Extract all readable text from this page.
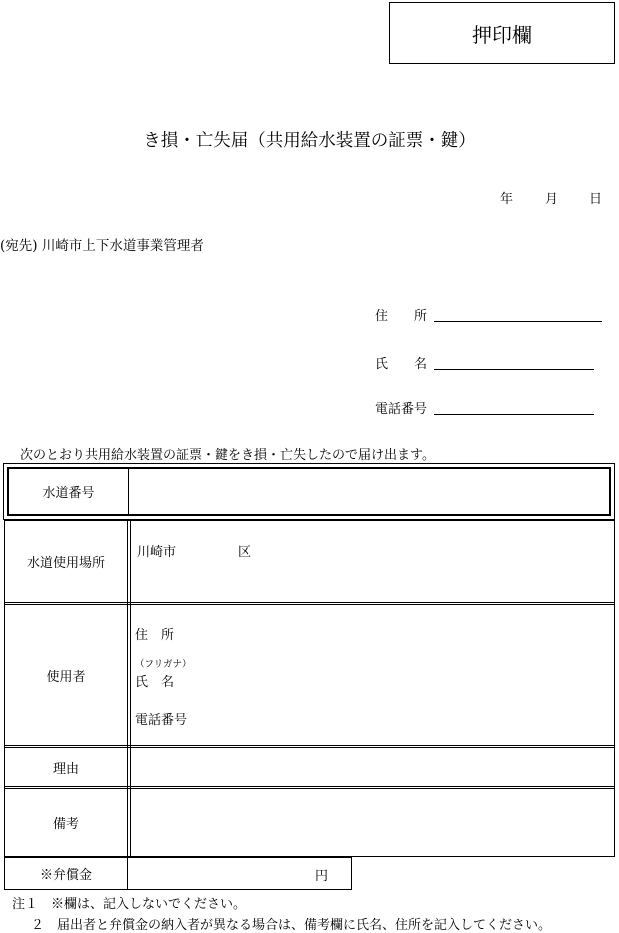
押印欄
き損・亡失届（共用給水装置の証票・鍵）
年 月 日
(宛先) 川崎市上下水道事業管理者
住　　所
氏　　名
電話番号
次のとおり共用給水装置の証票・鍵をき損・亡失したので届け出ます。
水道番号
水道使用場所
川崎市	区
使用者
住　所
（フリガナ）
氏　名
電話番号
理由
備考
※弁償金	円
注１　※欄は、記入しないでください。
２　届出者と弁償金の納入者が異なる場合は、備考欄に氏名、住所を記入してください。
